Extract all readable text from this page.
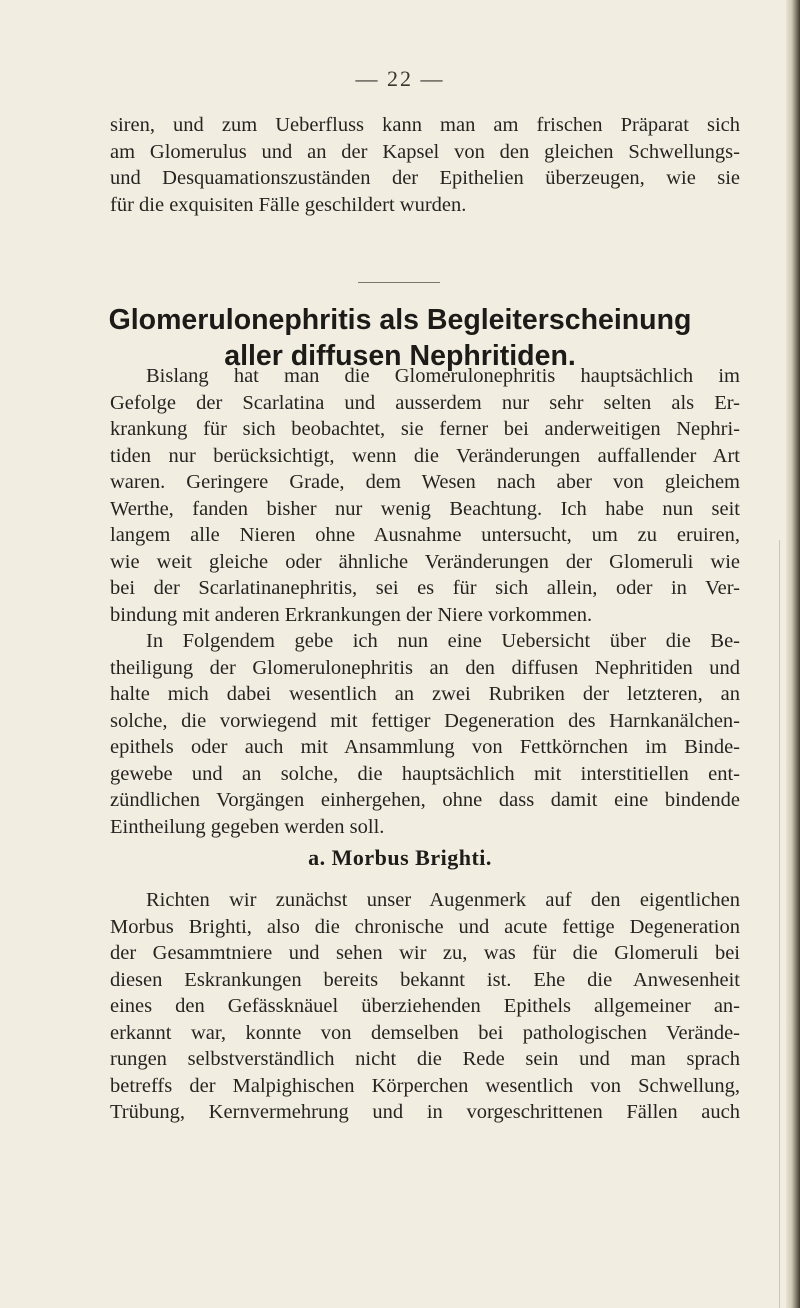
— 22 —
siren, und zum Ueberfluss kann man am frischen Präparat sich
am Glomerulus und an der Kapsel von den gleichen Schwellungs-
und Desquamationszuständen der Epithelien überzeugen, wie sie
für die exquisiten Fälle geschildert wurden.
Glomerulonephritis als Begleiterscheinung
aller diffusen Nephritiden.
Bislang hat man die Glomerulonephritis hauptsächlich im
Gefolge der Scarlatina und ausserdem nur sehr selten als Er-
krankung für sich beobachtet, sie ferner bei anderweitigen Nephri-
tiden nur berücksichtigt, wenn die Veränderungen auffallender Art
waren. Geringere Grade, dem Wesen nach aber von gleichem
Werthe, fanden bisher nur wenig Beachtung. Ich habe nun seit
langem alle Nieren ohne Ausnahme untersucht, um zu eruiren,
wie weit gleiche oder ähnliche Veränderungen der Glomeruli wie
bei der Scarlatinanephritis, sei es für sich allein, oder in Ver-
bindung mit anderen Erkrankungen der Niere vorkommen.
In Folgendem gebe ich nun eine Uebersicht über die Be-
theiligung der Glomerulonephritis an den diffusen Nephritiden und
halte mich dabei wesentlich an zwei Rubriken der letzteren, an
solche, die vorwiegend mit fettiger Degeneration des Harnkanälchen-
epithels oder auch mit Ansammlung von Fettkörnchen im Binde-
gewebe und an solche, die hauptsächlich mit interstitiellen ent-
zündlichen Vorgängen einhergehen, ohne dass damit eine bindende
Eintheilung gegeben werden soll.
a. Morbus Brighti.
Richten wir zunächst unser Augenmerk auf den eigentlichen
Morbus Brighti, also die chronische und acute fettige Degeneration
der Gesammtniere und sehen wir zu, was für die Glomeruli bei
diesen Eskrankungen bereits bekannt ist. Ehe die Anwesenheit
eines den Gefässknäuel überziehenden Epithels allgemeiner an-
erkannt war, konnte von demselben bei pathologischen Verände-
rungen selbstverständlich nicht die Rede sein und man sprach
betreffs der Malpighischen Körperchen wesentlich von Schwellung,
Trübung, Kernvermehrung und in vorgeschrittenen Fällen auch
